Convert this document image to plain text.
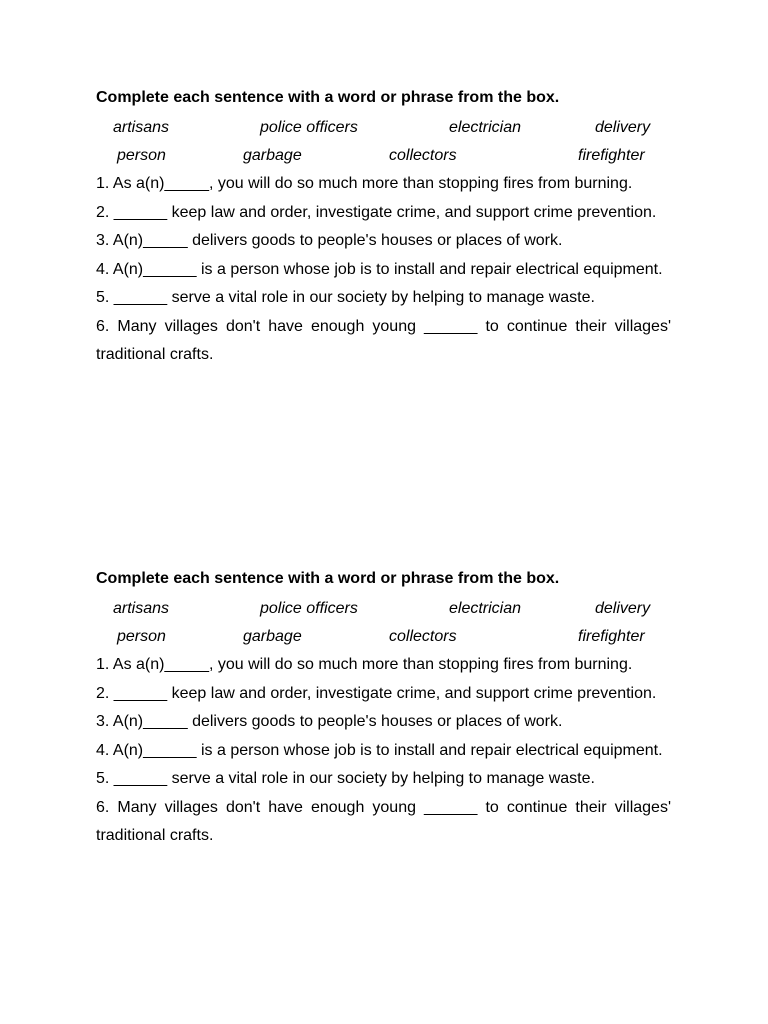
Complete each sentence with a word or phrase from the box.
artisans	police officers	electrician	delivery
person	garbage	collectors	firefighter

1. As a(n)_____, you will do so much more than stopping fires from burning.

2. ______ keep law and order, investigate crime, and support crime prevention.

3. A(n)_____ delivers goods to people's houses or places of work.

4. A(n)______ is a person whose job is to install and repair electrical equipment.

5. ______ serve a vital role in our society by helping to manage waste.

6. Many villages don't have enough young ______ to continue their villages' traditional crafts.

Complete each sentence with a word or phrase from the box.
artisans	police officers	electrician	delivery
person	garbage	collectors	firefighter

1. As a(n)_____, you will do so much more than stopping fires from burning.

2. ______ keep law and order, investigate crime, and support crime prevention.

3. A(n)_____ delivers goods to people's houses or places of work.

4. A(n)______ is a person whose job is to install and repair electrical equipment.

5. ______ serve a vital role in our society by helping to manage waste.

6. Many villages don't have enough young ______ to continue their villages' traditional crafts.
